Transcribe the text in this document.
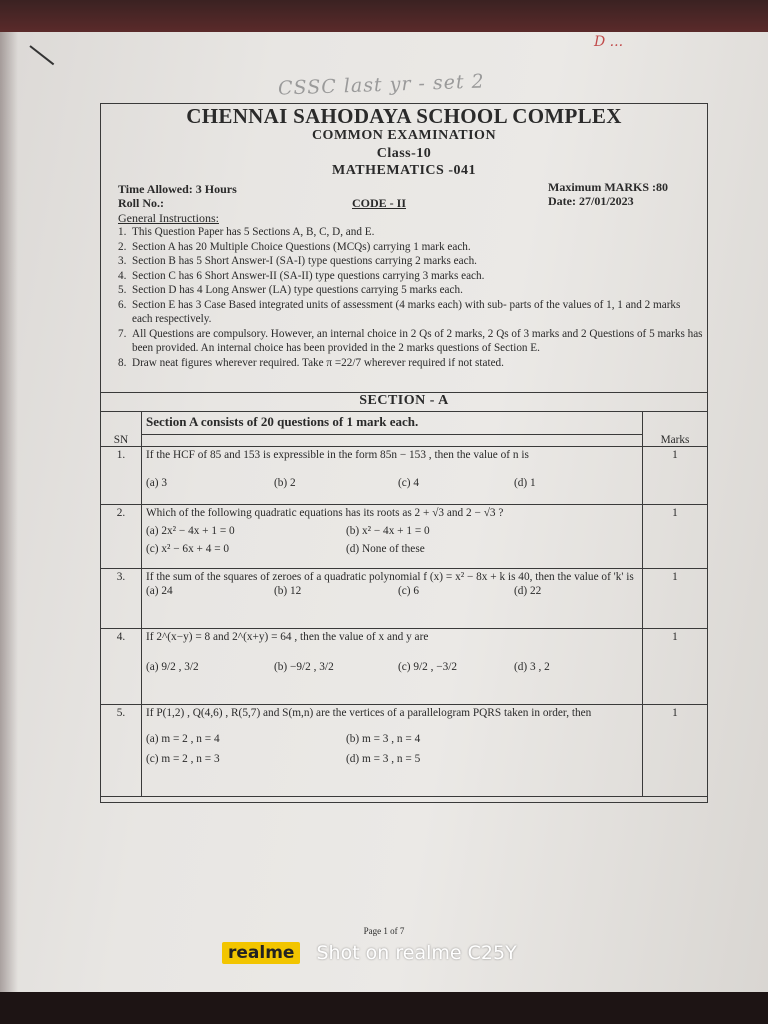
D ...
CSSC last yr - set 2
CHENNAI SAHODAYA SCHOOL COMPLEX
COMMON EXAMINATION
Class-10
MATHEMATICS -041
Time Allowed: 3 Hours
Roll No.:	CODE - II
Maximum MARKS :80
Date: 27/01/2023
General Instructions:
1. This Question Paper has 5 Sections A, B, C, D, and E.
2. Section A has 20 Multiple Choice Questions (MCQs) carrying 1 mark each.
3. Section B has 5 Short Answer-I (SA-I) type questions carrying 2 marks each.
4. Section C has 6 Short Answer-II (SA-II) type questions carrying 3 marks each.
5. Section D has 4 Long Answer (LA) type questions carrying 5 marks each.
6. Section E has 3 Case Based integrated units of assessment (4 marks each) with sub- parts of the values of 1, 1 and 2 marks each respectively.
7. All Questions are compulsory. However, an internal choice in 2 Qs of 2 marks, 2 Qs of 3 marks and 2 Questions of 5 marks has been provided. An internal choice has been provided in the 2 marks questions of Section E.
8. Draw neat figures wherever required. Take π =22/7 wherever required if not stated.
SECTION - A
	Section A consists of 20 questions of 1 mark each.	
SN		Marks
1.	If the HCF of 85 and 153 is expressible in the form 85n − 153 , then the value of n is
(a) 3 (b) 2 (c) 4 (d) 1	1
2.	Which of the following quadratic equations has its roots as 2 + √3 and 2 − √3 ?
(a) 2x² − 4x + 1 = 0 (b) x² − 4x + 1 = 0
(c) x² − 6x + 4 = 0 (d) None of these	1
3.	If the sum of the squares of zeroes of a quadratic polynomial f (x) = x² − 8x + k is 40, then the value of 'k' is
(a) 24 (b) 12 (c) 6 (d) 22	1
4.	If 2^(x−y) = 8 and 2^(x+y) = 64 , then the value of x and y are
(a) 9/2 , 3/2 (b) −9/2 , 3/2 (c) 9/2 , −3/2 (d) 3 , 2	1
5.	If P(1,2) , Q(4,6) , R(5,7) and S(m,n) are the vertices of a parallelogram PQRS taken in order, then
(a) m = 2 , n = 4 (b) m = 3 , n = 4
(c) m = 2 , n = 3 (d) m = 3 , n = 5	1
Page 1 of 7
realme	Shot on realme C25Y
